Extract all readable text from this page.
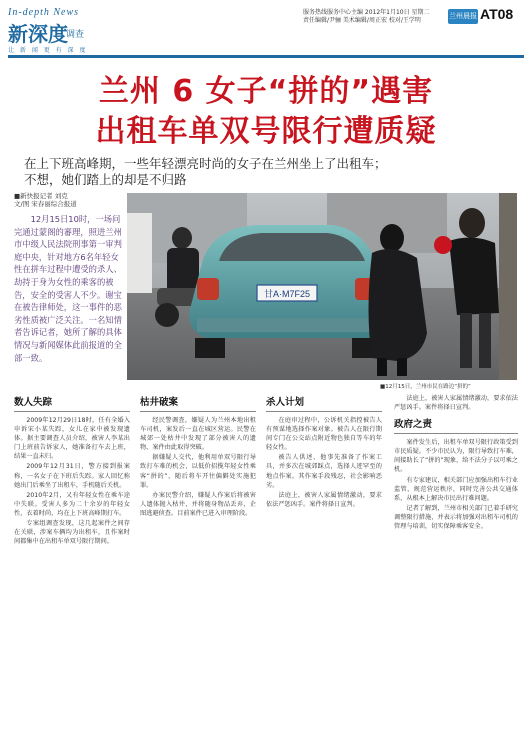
In-depth News
新深度
调查
让 新 闻 更 有 深 度
服务热线服务中心主编 2012年1月10日 星期二
责任编辑/尹骊 美术编辑/周正宏 校对/王学明
兰州晨报 AT08
兰州 6 女子“拼的”遇害
出租车单双号限行遭质疑
在上下班高峰期，一些年轻漂亮时尚的女子在兰州坐上了出租车；
不想，她们踏上的却是不归路
■新快报记者 刘克
文/图 宋春丽综合报道
12月15日10时，一场问完通过蒙阁的審理，照进兰州市中级人民法院刑事第一审判庭中央，针对地方6名年轻女性在拼车过程中遭受的杀人、劫持于身为女性的乘客的被告，安全的受害人不少。谢宝在被告律师处，这一事件的恶劣性质被广泛关注。一名知情者告诉记者，她所了解的具体情况与新闻媒体此前报道的全部一致。
甘A·M7F25
■12月15日，兰州市民在路边“拼的”
数人失踪

2009年12月29日18时，任有全婚入申诉宋小某失踪，女儿在家中被发现遗体。据主要调查人员介绍，被害人李某出门上班前告诉家人，她准备打车去上班，结果一直未归。

2009年12月31日，警方接到报案称，一名女子在下班后失踪。家人回忆称她出门后乘坐了出租车，手机随后关机。

2010年2月，又有年轻女性在乘车途中失联。受害人多为二十余岁的年轻女性，衣着时尚，均在上下班高峰期打车。

专案组调查发现，这几起案件之间存在关联，涉案车辆均为出租车，且作案时间都集中在出租车单双号限行期间。

枯井破案

经民警调查，嫌疑人为兰州本地出租车司机，案发后一直在城区营运。民警在城郊一处枯井中发现了部分被害人的遗物，案件由此取得突破。

据嫌疑人交代，他利用单双号限行导致打车难的机会，以低价招揽年轻女性乘客“拼的”，随后将车开往偏僻处实施犯罪。

办案民警介绍，嫌疑人作案后将被害人遗体抛入枯井，并将随身物品丢弃，企图逃避侦查。目前案件已进入审理阶段。

杀人计划

在庭审过程中，公诉机关指控被告人有预谋地选择作案对象。被告人在限行期间专门在公交站点附近物色独自等车的年轻女性。

被告人供述，他事先准备了作案工具，并多次在城郊踩点，选择人迹罕至的地点作案。其作案手段残忍，社会影响恶劣。

法庭上，被害人家属情绪激动，要求依法严惩凶手。案件将择日宣判。

法庭上，被害人家属情绪激动，要求依法严惩凶手。案件将择日宣判。

政府之责

案件发生后，出租车单双号限行政策受到市民质疑。不少市民认为，限行导致打车难，间接助长了“拼的”现象，给不法分子以可乘之机。

有专家建议，相关部门应加强出租车行业监管，规范营运秩序，同时完善公共交通体系，从根本上解决市民出行难问题。

记者了解到，兰州市相关部门已着手研究调整限行措施，并表示将加强对出租车司机的管理与培训，切实保障乘客安全。
